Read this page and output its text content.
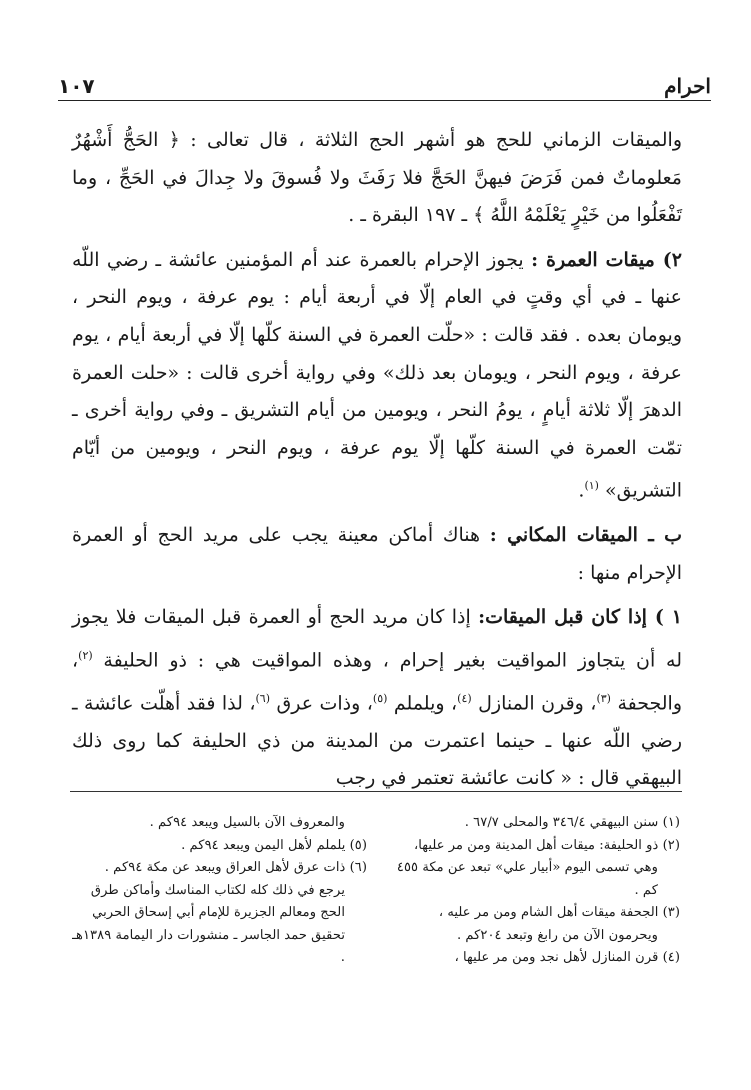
١٠٧	احرام

والميقات الزماني للحج هو أشهر الحج الثلاثة ، قال تعالى : ﴿ الحَجُّ أَشْهُرٌ مَعلوماتٌ فمن فَرَضَ فيهنَّ الحَجَّ فلا رَفَثَ ولا فُسوقَ ولا جِدالَ في الحَجِّ ، وما تَفْعَلُوا من خَيْرٍ يَعْلَمْهُ اللَّهُ ﴾ ـ ١٩٧ البقرة ـ .

٢) ميقات العمرة : يجوز الإحرام بالعمرة عند أم المؤمنين عائشة ـ رضي اللّه عنها ـ في أي وقتٍ في العام إلّا في أربعة أيام : يوم عرفة ، ويوم النحر ، ويومان بعده . فقد قالت : «حلّت العمرة في السنة كلّها إلّا في أربعة أيام ، يوم عرفة ، ويوم النحر ، ويومان بعد ذلك» وفي رواية أخرى قالت : «حلت العمرة الدهرَ إلّا ثلاثة أيامٍ ، يومُ النحر ، ويومين من أيام التشريق ـ وفي رواية أخرى ـ تمّت العمرة في السنة كلّها إلّا يوم عرفة ، ويوم النحر ، ويومين من أيّام التشريق» $^{(١)}$.

ب ـ الميقات المكاني : هناك أماكن معينة يجب على مريد الحج أو العمرة الإحرام منها :

١ ) إذا كان قبل الميقات: إذا كان مريد الحج أو العمرة قبل الميقات فلا يجوز له أن يتجاوز المواقيت بغير إحرام ، وهذه المواقيت هي : ذو الحليفة $^{(٢)}$، والجحفة $^{(٣)}$، وقرن المنازل $^{(٤)}$، ويلملم $^{(٥)}$، وذات عرق $^{(٦)}$، لذا فقد أهلّت عائشة ـ رضي اللّه عنها ـ حينما اعتمرت من المدينة من ذي الحليفة كما روى ذلك البيهقي قال : « كانت عائشة تعتمر في رجب

(١) سنن البيهقي ٣٤٦/٤ والمحلى ٦٧/٧ .

(٢) ذو الحليفة: ميقات أهل المدينة ومن مر عليها،

وهي تسمى اليوم «أبيار علي» تبعد عن مكة ٤٥٥ كم .

(٣) الجحفة ميقات أهل الشام ومن مر عليه ،

ويحرمون الآن من رابغ وتبعد ٢٠٤كم .

(٤) قرن المنازل لأهل نجد ومن مر عليها ،

والمعروف الآن بالسيل ويبعد ٩٤كم .

(٥) يلملم لأهل اليمن ويبعد ٩٤كم .

(٦) ذات عرق لأهل العراق ويبعد عن مكة ٩٤كم .

يرجع في ذلك كله لكتاب المناسك وأماكن طرق الحج ومعالم الجزيرة للإمام أبي إسحاق الحربي تحقيق حمد الجاسر ـ منشورات دار اليمامة ١٣٨٩هـ .
